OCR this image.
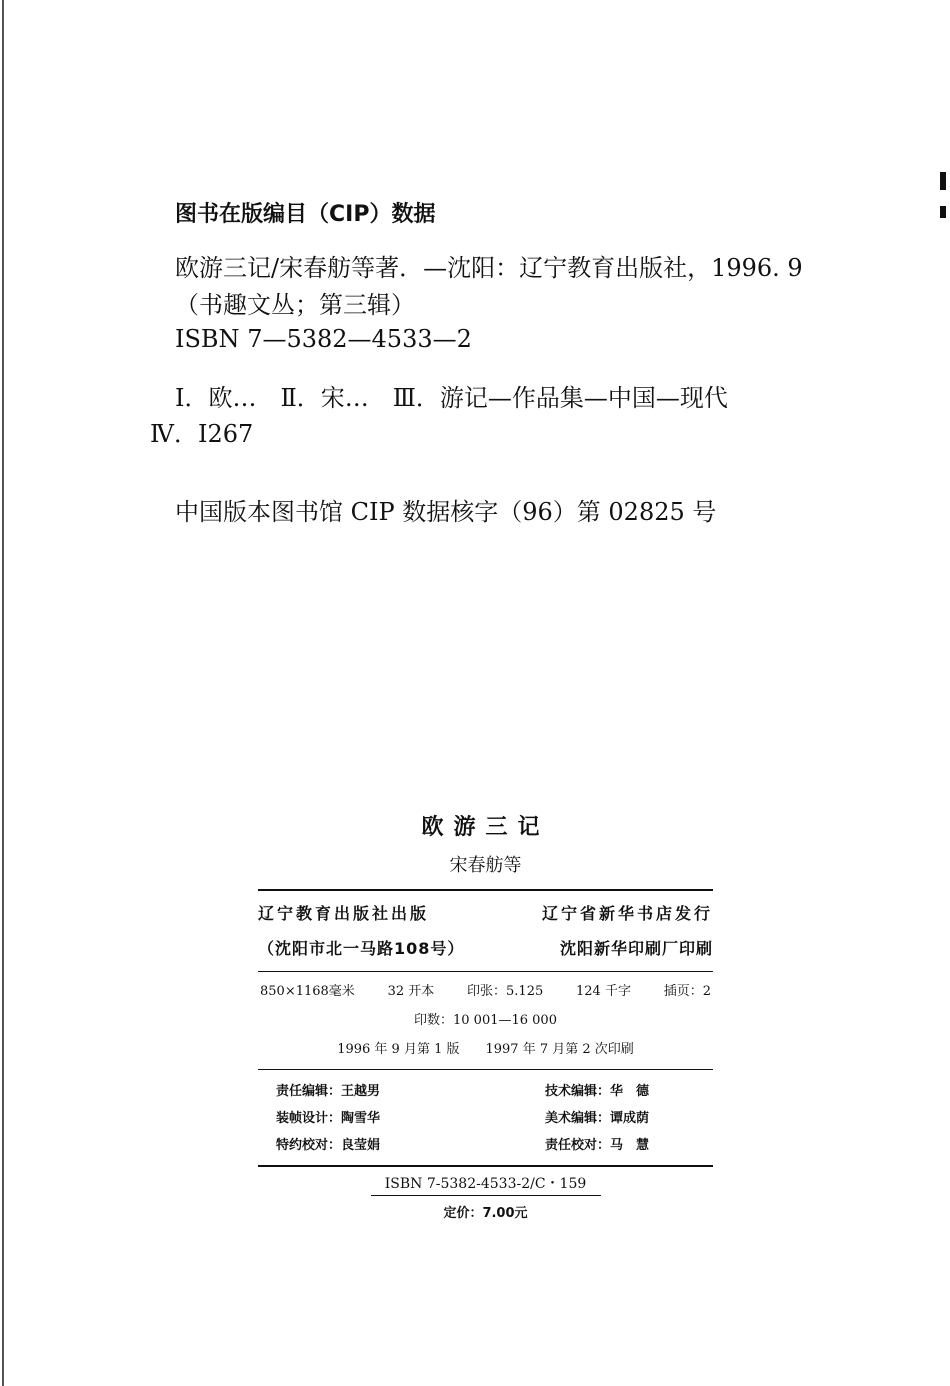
图书在版编目（CIP）数据
欧游三记/宋春舫等著．—沈阳：辽宁教育出版社，1996. 9
（书趣文丛；第三辑）
ISBN 7—5382—4533—2
Ⅰ．欧…　Ⅱ．宋…　Ⅲ．游记—作品集—中国—现代
Ⅳ．I267
中国版本图书馆 CIP 数据核字（96）第 02825 号
欧游三记
宋春舫等
辽宁教育出版社出版	辽宁省新华书店发行
（沈阳市北一马路108号）	沈阳新华印刷厂印刷
850×1168毫米	32 开本	印张：5.125	124 千字	插页：2
印数：10 001—16 000
1996 年 9 月第 1 版　　1997 年 7 月第 2 次印刷
责任编辑：王越男	技术编辑：华　德
装帧设计：陶雪华	美术编辑：谭成荫
特约校对：良莹娟	责任校对：马　慧
ISBN 7-5382-4533-2/C・159
定价：7.00元
